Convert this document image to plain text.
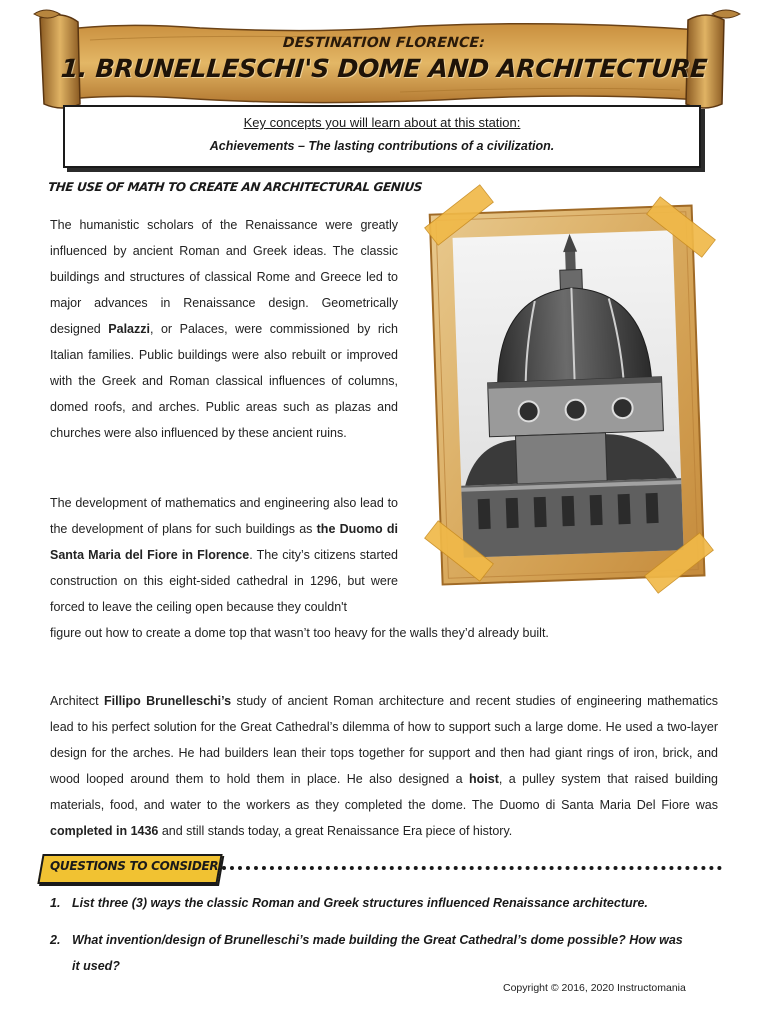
DESTINATION FLORENCE:
1. BRUNELLESCHI'S DOME AND ARCHITECTURE
Key concepts you will learn about at this station:
Achievements – The lasting contributions of a civilization.
THE USE OF MATH TO CREATE AN ARCHITECTURAL GENIUS

The humanistic scholars of the Renaissance were greatly influenced by ancient Roman and Greek ideas. The classic buildings and structures of classical Rome and Greece led to major advances in Renaissance design. Geometrically designed Palazzi, or Palaces, were commissioned by rich Italian families. Public buildings were also rebuilt or improved with the Greek and Roman classical influences of columns, domed roofs, and arches. Public areas such as plazas and churches were also influenced by these ancient ruins.

The development of mathematics and engineering also lead to the development of plans for such buildings as the Duomo di Santa Maria del Fiore in Florence. The city’s citizens started construction on this eight-sided cathedral in 1296, but were forced to leave the ceiling open because they couldn't
figure out how to create a dome top that wasn’t too heavy for the walls they’d already built.

Architect Fillipo Brunelleschi’s study of ancient Roman architecture and recent studies of engineering mathematics lead to his perfect solution for the Great Cathedral’s dilemma of how to support such a large dome. He used a two-layer design for the arches. He had builders lean their tops together for support and then had giant rings of iron, brick, and wood looped around them to hold them in place. He also designed a hoist, a pulley system that raised building materials, food, and water to the workers as they completed the dome. The Duomo di Santa Maria Del Fiore was completed in 1436 and still stands today, a great Renaissance Era piece of history.

QUESTIONS TO CONSIDER!
1. List three (3) ways the classic Roman and Greek structures influenced Renaissance architecture.
2. What invention/design of Brunelleschi’s made building the Great Cathedral’s dome possible? How was
it used?
Copyright © 2016, 2020 Instructomania
